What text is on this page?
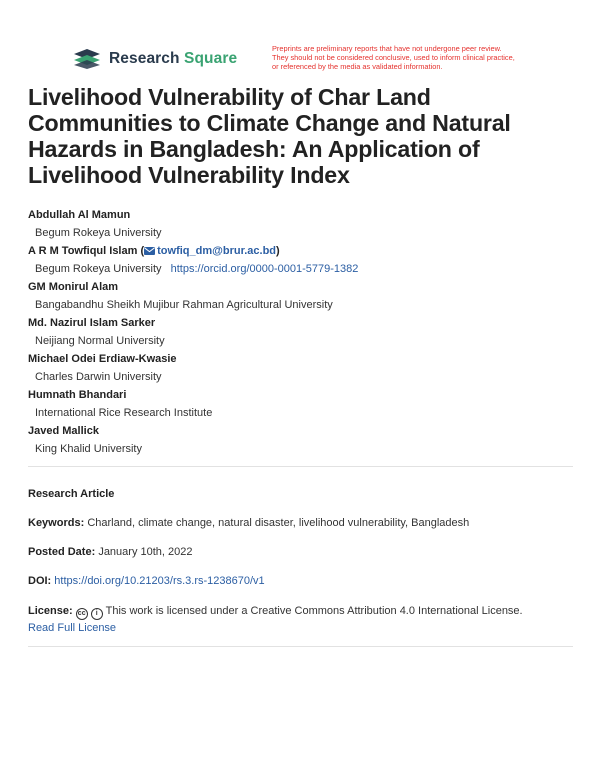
Research Square
Preprints are preliminary reports that have not undergone peer review.
They should not be considered conclusive, used to inform clinical practice,
or referenced by the media as validated information.
Livelihood Vulnerability of Char Land Communities to Climate Change and Natural Hazards in Bangladesh: An Application of Livelihood Vulnerability Index
Abdullah Al Mamun
Begum Rokeya University
A R M Towfiqul Islam ( towfiq_dm@brur.ac.bd)
Begum Rokeya University https://orcid.org/0000-0001-5779-1382
GM Monirul Alam
Bangabandhu Sheikh Mujibur Rahman Agricultural University
Md. Nazirul Islam Sarker
Neijiang Normal University
Michael Odei Erdiaw-Kwasie
Charles Darwin University
Humnath Bhandari
International Rice Research Institute
Javed Mallick
King Khalid University
Research Article
Keywords: Charland, climate change, natural disaster, livelihood vulnerability, Bangladesh
Posted Date: January 10th, 2022
DOI: https://doi.org/10.21203/rs.3.rs-1238670/v1
License: cc i This work is licensed under a Creative Commons Attribution 4.0 International License.
Read Full License
